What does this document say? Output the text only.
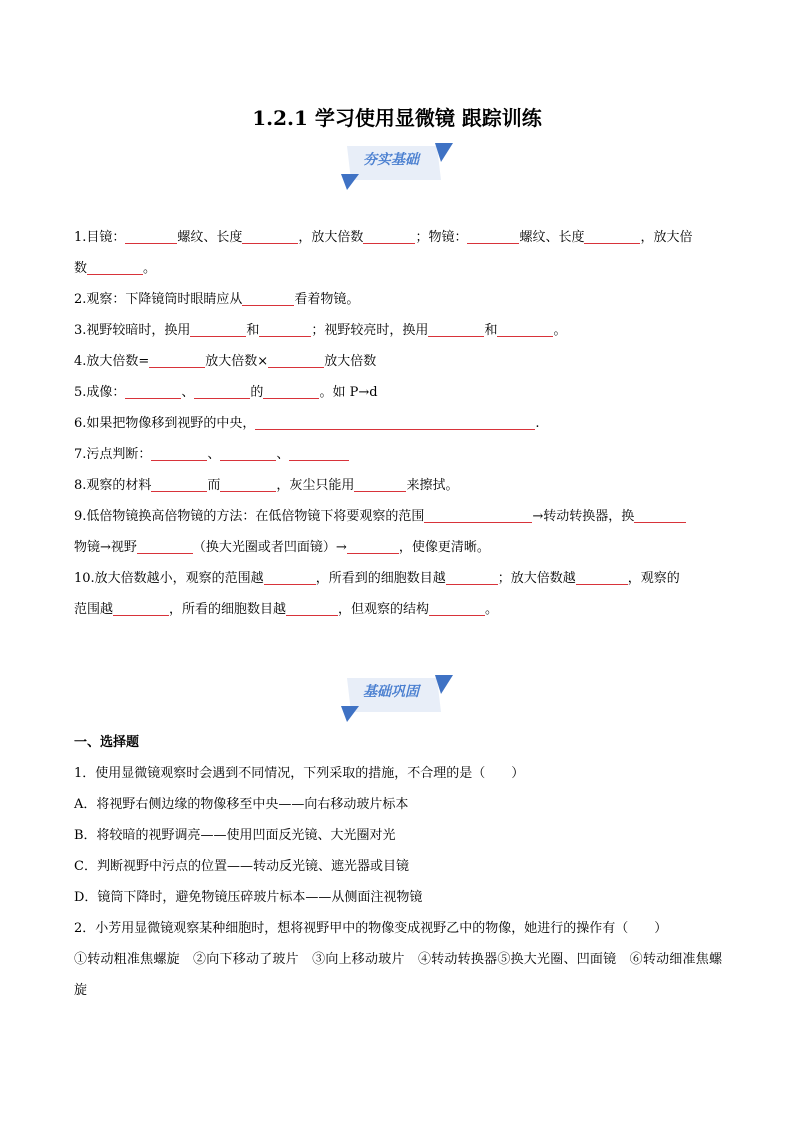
1.2.1 学习使用显微镜 跟踪训练
夯实基础

1.目镜：	螺纹、长度	，放大倍数	；物镜：	螺纹、长度	，放大倍
数	。

2.观察：下降镜筒时眼睛应从	看着物镜。

3.视野较暗时，换用	和	；视野较亮时，换用	和	。

4.放大倍数=	放大倍数×	放大倍数

5.成像：	、	的	。如 P→d

6.如果把物像移到视野的中央，	.

7.污点判断：	、	、

8.观察的材料	而	，灰尘只能用	来擦拭。

9.低倍物镜换高倍物镜的方法：在低倍物镜下将要观察的范围	→转动转换器，换
物镜→视野	（换大光圈或者凹面镜）→	，使像更清晰。

10.放大倍数越小，观察的范围越	，所看到的细胞数目越	；放大倍数越	，观察的
范围越	，所看的细胞数目越	，但观察的结构	。

基础巩固

一、选择题

1．使用显微镜观察时会遇到不同情况，下列采取的措施，不合理的是（　　）

A．将视野右侧边缘的物像移至中央——向右移动玻片标本

B．将较暗的视野调亮——使用凹面反光镜、大光圈对光

C．判断视野中污点的位置——转动反光镜、遮光器或目镜

D．镜筒下降时，避免物镜压碎玻片标本——从侧面注视物镜

2．小芳用显微镜观察某种细胞时，想将视野甲中的物像变成视野乙中的物像，她进行的操作有（　　）

①转动粗准焦螺旋　②向下移动了玻片　③向上移动玻片　④转动转换器⑤换大光圈、凹面镜　⑥转动细准焦螺旋
